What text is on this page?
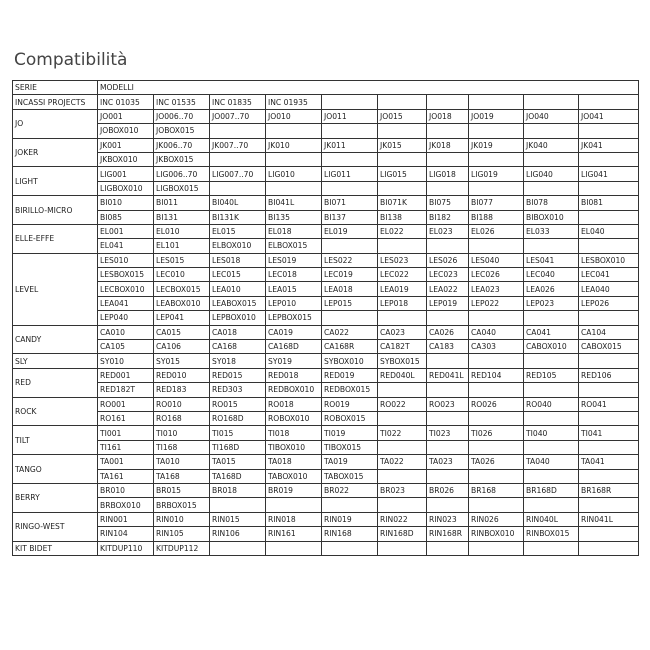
Compatibilità
SERIE	MODELLI									
INCASSI PROJECTS	INC 01035	INC 01535	INC 01835	INC 01935						
JO	JO001	JO006..70	JO007..70	JO010	JO011	JO015	JO018	JO019	JO040	JO041
	JOBOX010	JOBOX015								
JOKER	JK001	JK006..70	JK007..70	JK010	JK011	JK015	JK018	JK019	JK040	JK041
	JKBOX010	JKBOX015								
LIGHT	LIG001	LIG006..70	LIG007..70	LIG010	LIG011	LIG015	LIG018	LIG019	LIG040	LIG041
	LIGBOX010	LIGBOX015								
BIRILLO-MICRO	BI010	BI011	BI040L	BI041L	BI071	BI071K	BI075	BI077	BI078	BI081
	BI085	BI131	BI131K	BI135	BI137	BI138	BI182	BI188	BIBOX010	
ELLE-EFFE	EL001	EL010	EL015	EL018	EL019	EL022	EL023	EL026	EL033	EL040
	EL041	EL101	ELBOX010	ELBOX015						
LEVEL	LES010	LES015	LES018	LES019	LES022	LES023	LES026	LES040	LES041	LESBOX010
	LESBOX015	LEC010	LEC015	LEC018	LEC019	LEC022	LEC023	LEC026	LEC040	LEC041
	LECBOX010	LECBOX015	LEA010	LEA015	LEA018	LEA019	LEA022	LEA023	LEA026	LEA040
	LEA041	LEABOX010	LEABOX015	LEP010	LEP015	LEP018	LEP019	LEP022	LEP023	LEP026
	LEP040	LEP041	LEPBOX010	LEPBOX015						
CANDY	CA010	CA015	CA018	CA019	CA022	CA023	CA026	CA040	CA041	CA104
	CA105	CA106	CA168	CA168D	CA168R	CA182T	CA183	CA303	CABOX010	CABOX015
SLY	SY010	SY015	SY018	SY019	SYBOX010	SYBOX015				
RED	RED001	RED010	RED015	RED018	RED019	RED040L	RED041L	RED104	RED105	RED106
	RED182T	RED183	RED303	REDBOX010	REDBOX015					
ROCK	RO001	RO010	RO015	RO018	RO019	RO022	RO023	RO026	RO040	RO041
	RO161	RO168	RO168D	ROBOX010	ROBOX015					
TILT	TI001	TI010	TI015	TI018	TI019	TI022	TI023	TI026	TI040	TI041
	TI161	TI168	TI168D	TIBOX010	TIBOX015					
TANGO	TA001	TA010	TA015	TA018	TA019	TA022	TA023	TA026	TA040	TA041
	TA161	TA168	TA168D	TABOX010	TABOX015					
BERRY	BR010	BR015	BR018	BR019	BR022	BR023	BR026	BR168	BR168D	BR168R
	BRBOX010	BRBOX015								
RINGO-WEST	RIN001	RIN010	RIN015	RIN018	RIN019	RIN022	RIN023	RIN026	RIN040L	RIN041L
	RIN104	RIN105	RIN106	RIN161	RIN168	RIN168D	RIN168R	RINBOX010	RINBOX015	
KIT BIDET	KITDUP110	KITDUP112								
